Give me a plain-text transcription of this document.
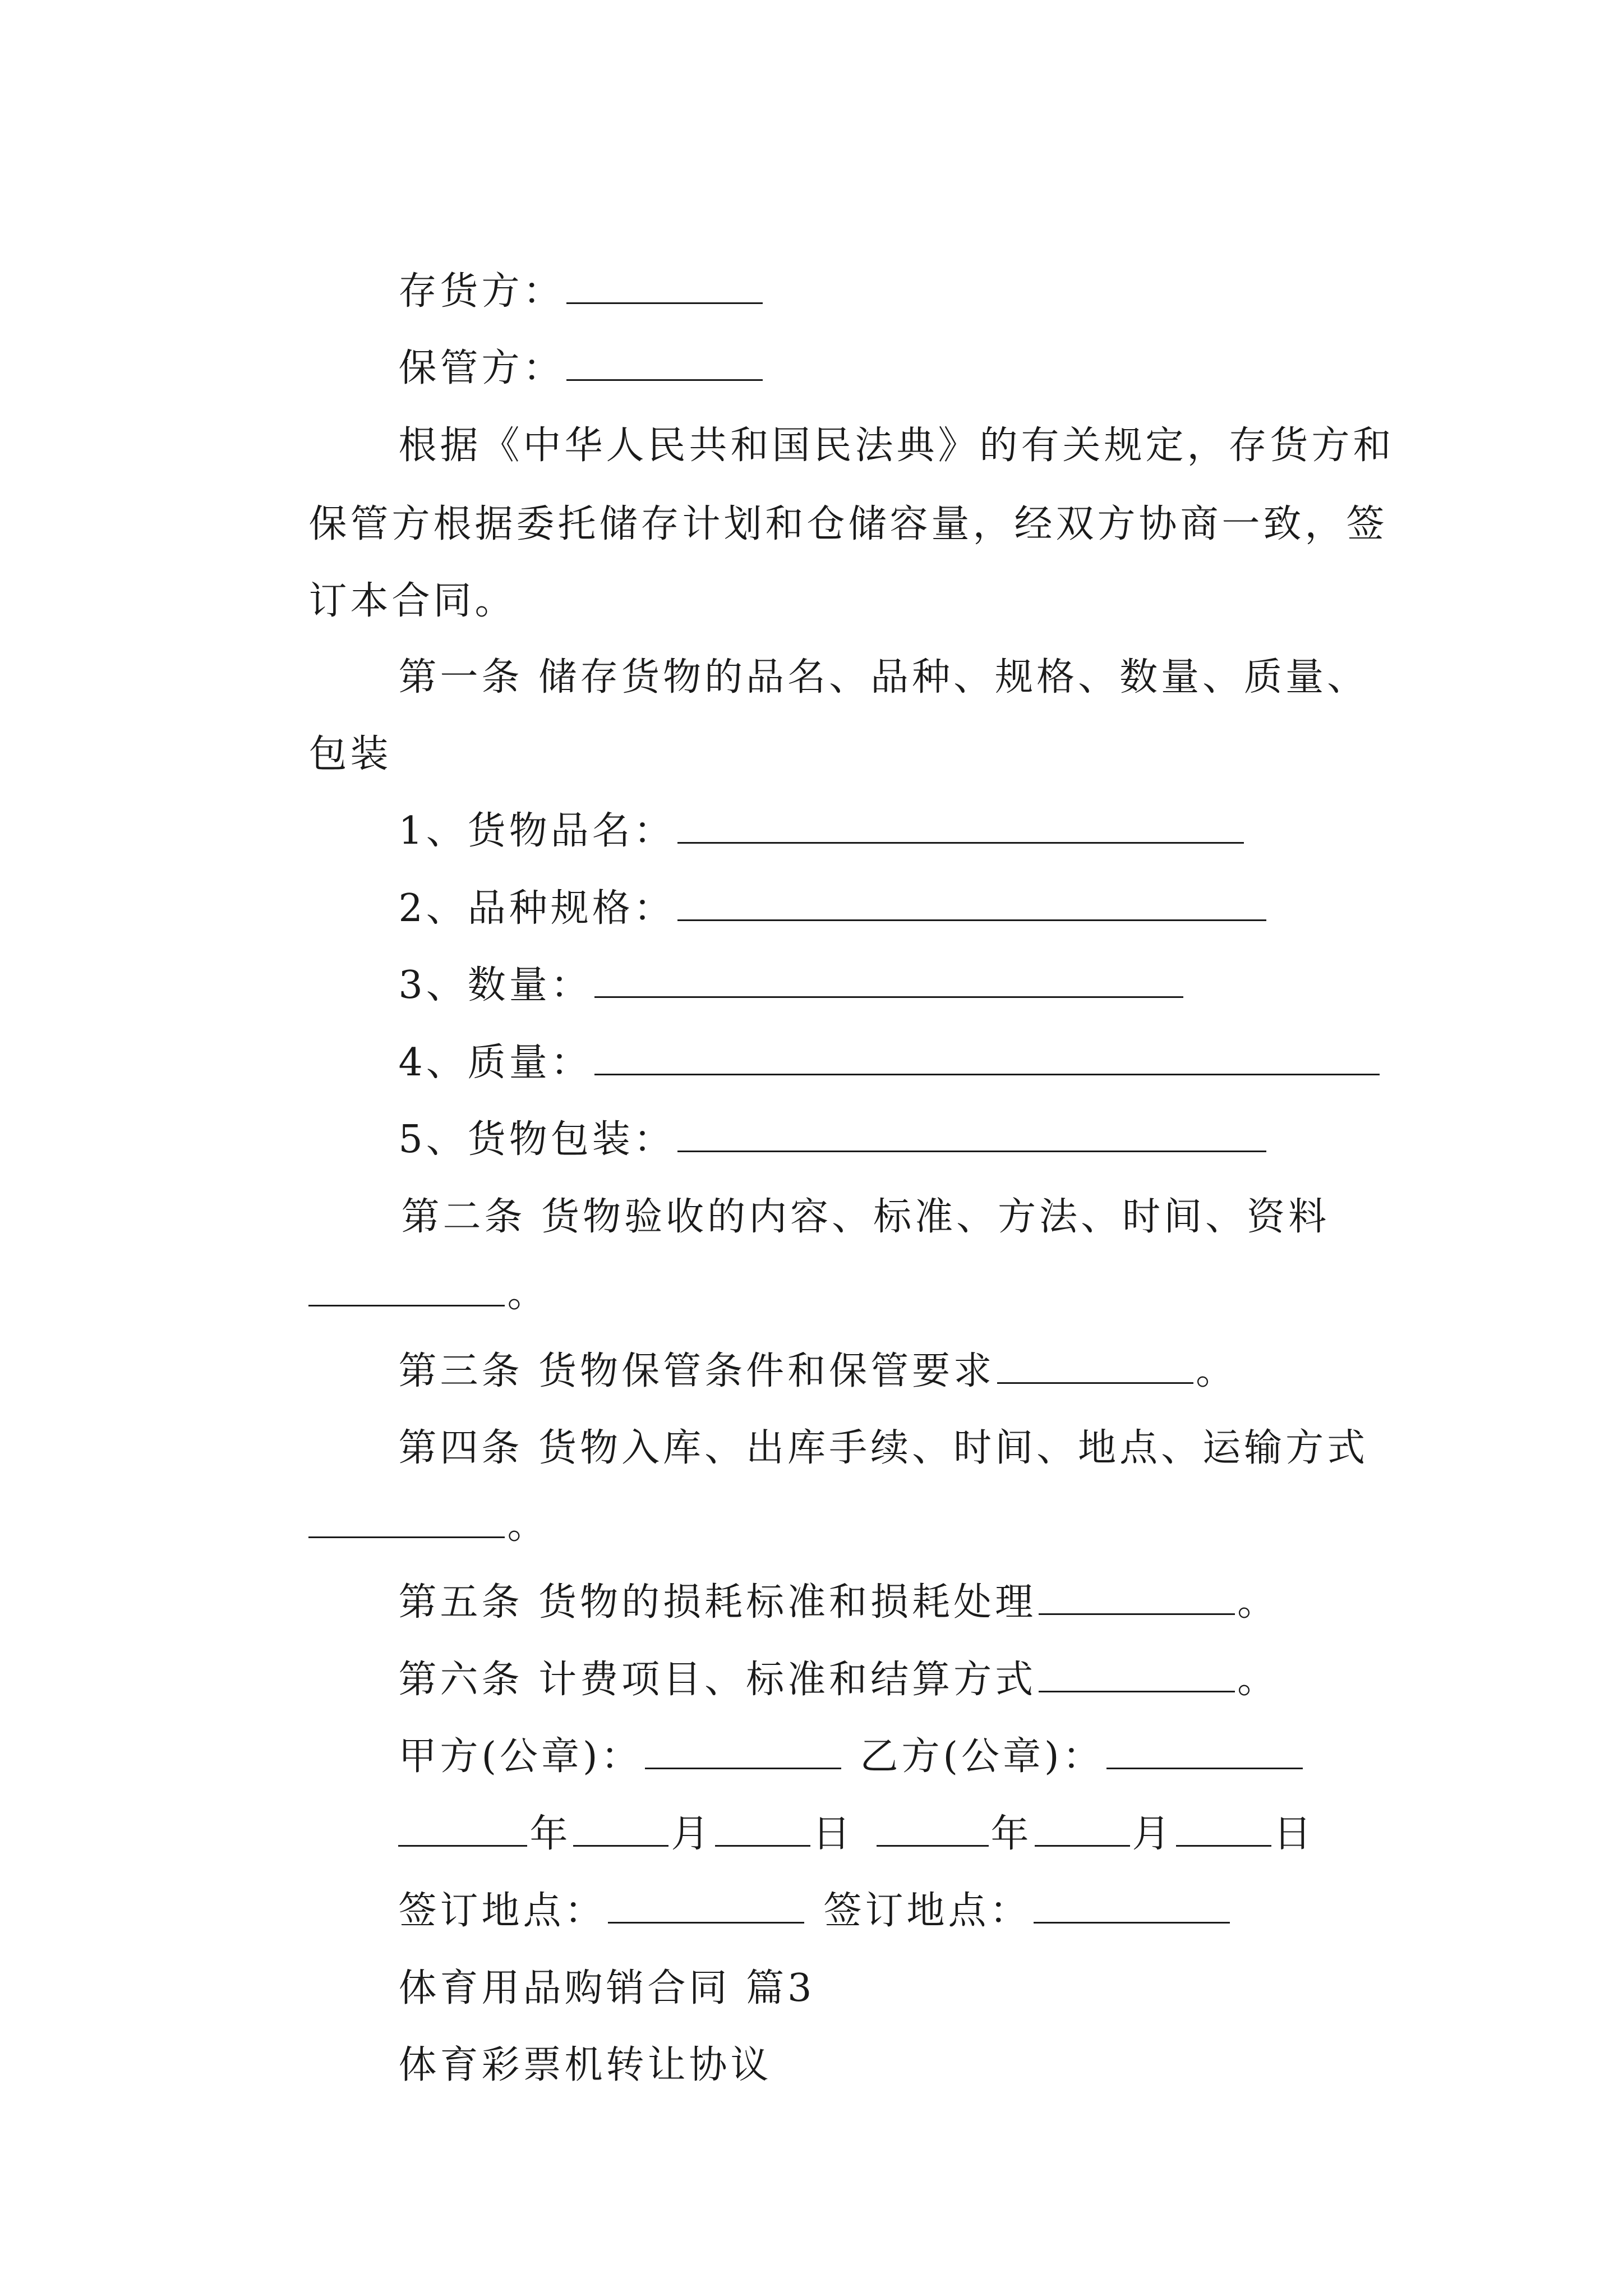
存货方：

保管方：

根据《中华人民共和国民法典》的有关规定，存货方和

保管方根据委托储存计划和仓储容量，经双方协商一致，签

订本合同。

第一条 储存货物的品名、品种、规格、数量、质量、

包装

1、货物品名：

2、品种规格：

3、数量：

4、质量：

5、货物包装：

第二条 货物验收的内容、标准、方法、时间、资料

。

第三条 货物保管条件和保管要求	。

第四条 货物入库、出库手续、时间、地点、运输方式

。

第五条 货物的损耗标准和损耗处理	。

第六条 计费项目、标准和结算方式	。

甲方(公章)：	乙方(公章)：

年	月	日	年	月	日

签订地点：	签订地点：

体育用品购销合同 篇3

体育彩票机转让协议
